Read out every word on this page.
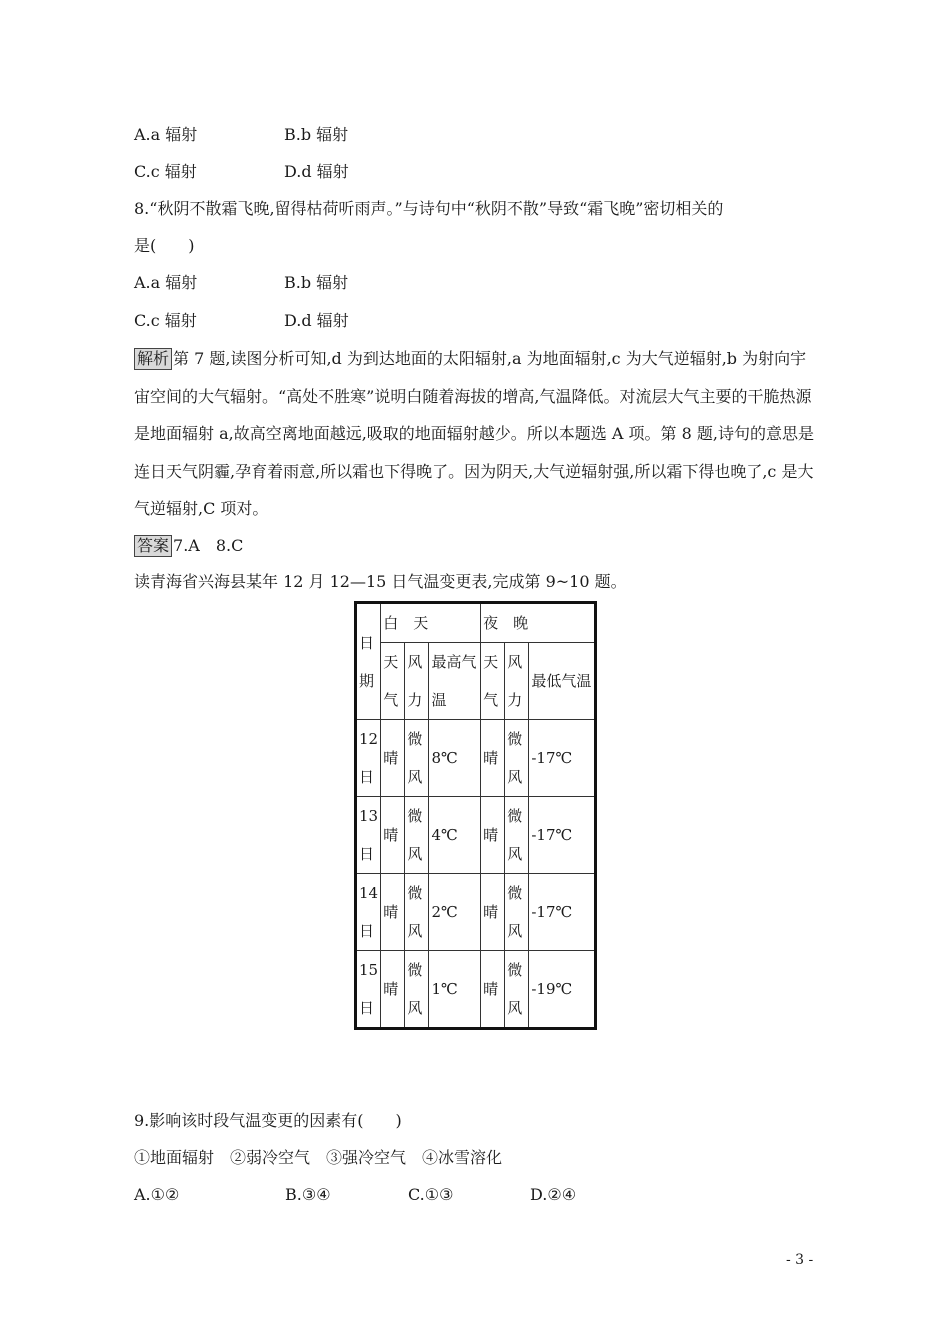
A.a 辐射	B.b 辐射
C.c 辐射	D.d 辐射
8.“秋阴不散霜飞晚,留得枯荷听雨声。”与诗句中“秋阴不散”导致“霜飞晚”密切相关的
是(　　)
A.a 辐射	B.b 辐射
C.c 辐射	D.d 辐射
解析 第 7 题,读图分析可知,d 为到达地面的太阳辐射,a 为地面辐射,c 为大气逆辐射,b 为射向宇宙空间的大气辐射。“高处不胜寒”说明白随着海拔的增高,气温降低。对流层大气主要的干脆热源是地面辐射 a,故高空离地面越远,吸取的地面辐射越少。所以本题选 A 项。第 8 题,诗句的意思是连日天气阴霾,孕育着雨意,所以霜也下得晚了。因为阴天,大气逆辐射强,所以霜下得也晚了,c 是大气逆辐射,C 项对。
答案 7.A　8.C
读青海省兴海县某年 12 月 12—15 日气温变更表,完成第 9~10 题。
日期	白　天			夜　晚		
	天气	风力	最高气温	天气	风力	最低气温
12日	晴	微风	8℃	晴	微风	-17℃
13日	晴	微风	4℃	晴	微风	-17℃
14日	晴	微风	2℃	晴	微风	-17℃
15日	晴	微风	1℃	晴	微风	-19℃
9.影响该时段气温变更的因素有(　　)
①地面辐射　②弱冷空气　③强冷空气　④冰雪溶化
A.①②	B.③④	C.①③	D.②④
- 3 -
